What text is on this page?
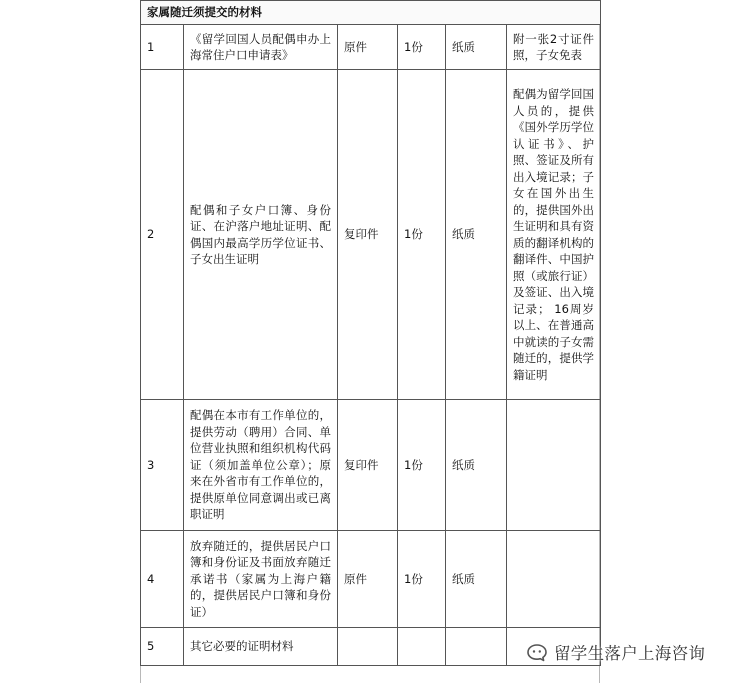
家属随迁须提交的材料					
1	《留学回国人员配偶申办上海常住户口申请表》	原件	1份	纸质	附一张2寸证件照，子女免表
2	配偶和子女户口簿、身份证、在沪落户地址证明、配偶国内最高学历学位证书、子女出生证明	复印件	1份	纸质	配偶为留学回国人员的，提供《国外学历学位认证书》、护照、签证及所有出入境记录；子女在国外出生的，提供国外出生证明和具有资质的翻译机构的翻译件、中国护照（或旅行证）及签证、出入境记录； 16周岁以上、在普通高中就读的子女需随迁的，提供学籍证明
3	配偶在本市有工作单位的，提供劳动（聘用）合同、单位营业执照和组织机构代码证（须加盖单位公章）；原来在外省市有工作单位的，提供原单位同意调出或已离职证明	复印件	1份	纸质	
4	放弃随迁的，提供居民户口簿和身份证及书面放弃随迁承诺书（家属为上海户籍的，提供居民户口簿和身份证）	原件	1份	纸质	
5	其它必要的证明材料					留学生落户上海咨询
